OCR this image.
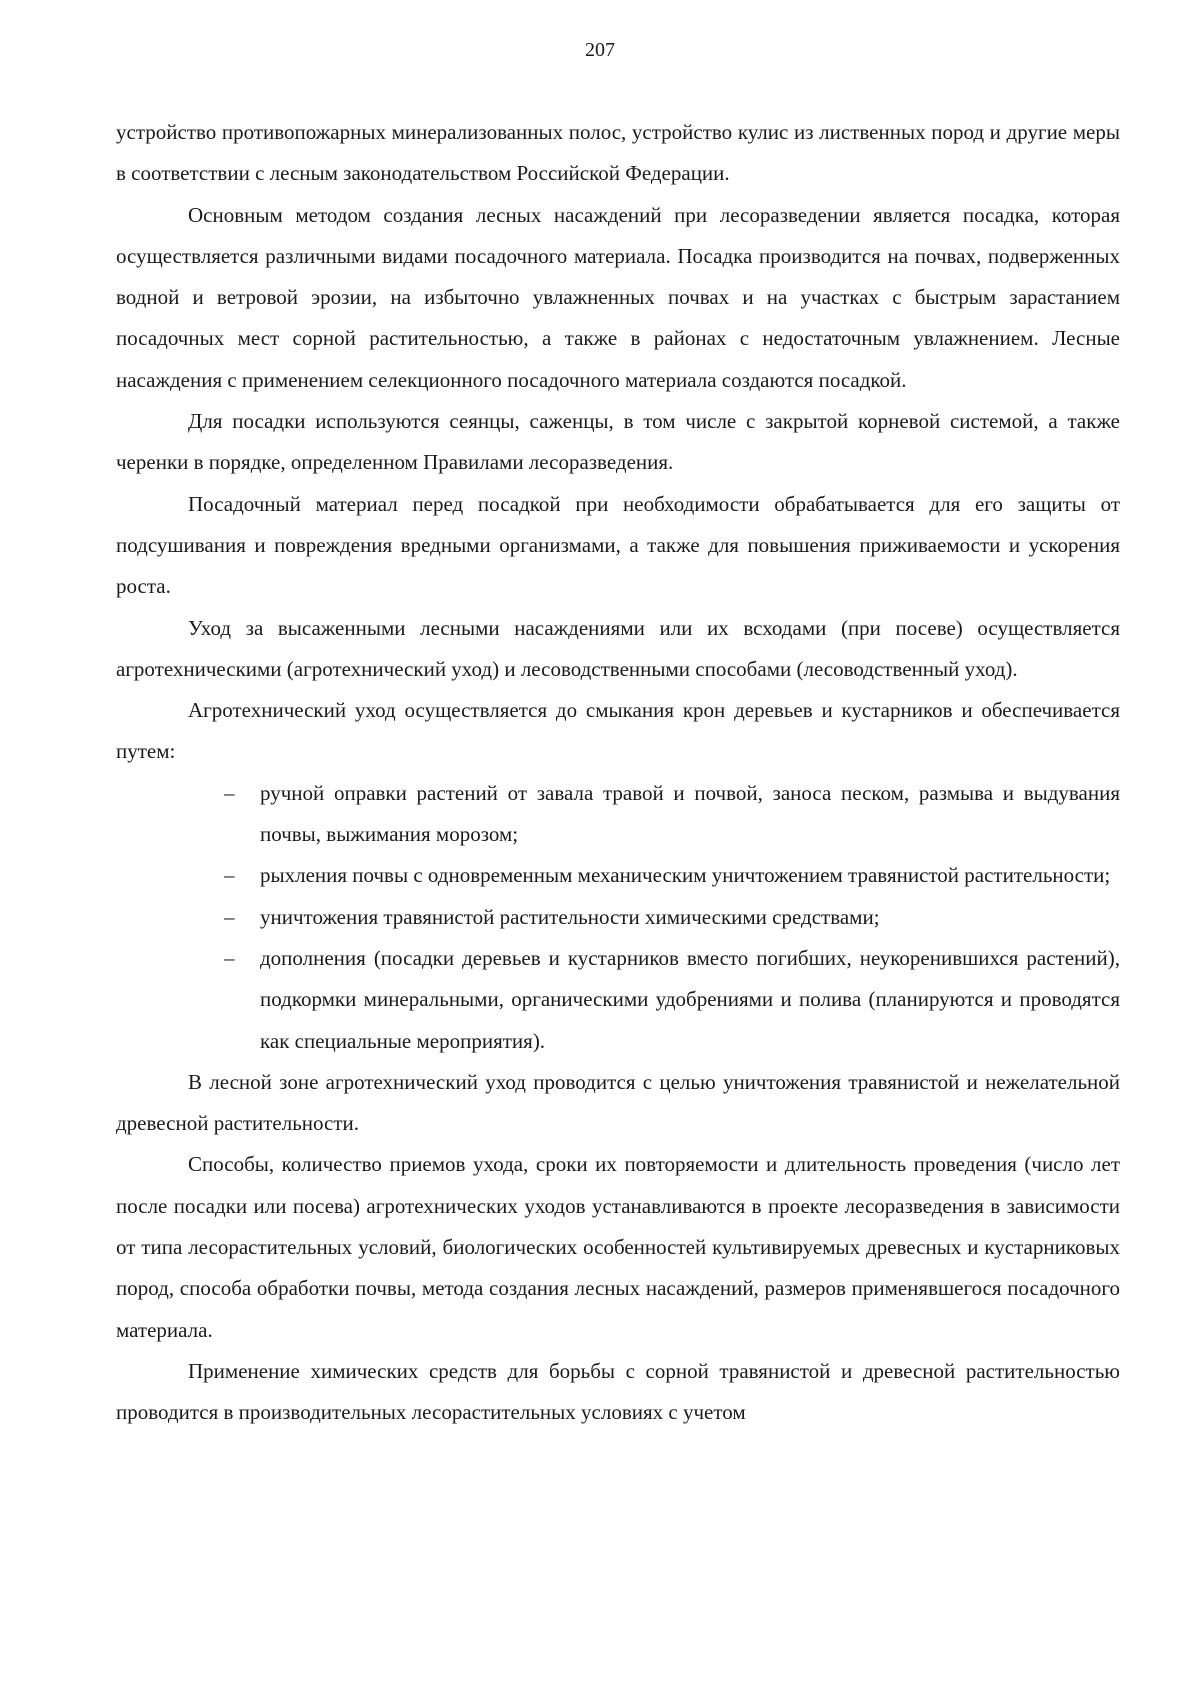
207

устройство противопожарных минерализованных полос, устройство кулис из лиственных пород и другие меры в соответствии с лесным законодательством Российской Федерации.

Основным методом создания лесных насаждений при лесоразведении является посадка, которая осуществляется различными видами посадочного материала. Посадка производится на почвах, подверженных водной и ветровой эрозии, на избыточно увлажненных почвах и на участках с быстрым зарастанием посадочных мест сорной растительностью, а также в районах с недостаточным увлажнением. Лесные насаждения с применением селекционного посадочного материала создаются посадкой.

Для посадки используются сеянцы, саженцы, в том числе с закрытой корневой системой, а также черенки в порядке, определенном Правилами лесоразведения.

Посадочный материал перед посадкой при необходимости обрабатывается для его защиты от подсушивания и повреждения вредными организмами, а также для повышения приживаемости и ускорения роста.

Уход за высаженными лесными насаждениями или их всходами (при посеве) осуществляется агротехническими (агротехнический уход) и лесоводственными способами (лесоводственный уход).

Агротехнический уход осуществляется до смыкания крон деревьев и кустарников и обеспечивается путем:

– ручной оправки растений от завала травой и почвой, заноса песком, размыва и выдувания почвы, выжимания морозом;
– рыхления почвы с одновременным механическим уничтожением травянистой растительности;
– уничтожения травянистой растительности химическими средствами;
– дополнения (посадки деревьев и кустарников вместо погибших, неукоренившихся растений), подкормки минеральными, органическими удобрениями и полива (планируются и проводятся как специальные мероприятия).

В лесной зоне агротехнический уход проводится с целью уничтожения травянистой и нежелательной древесной растительности.

Способы, количество приемов ухода, сроки их повторяемости и длительность проведения (число лет после посадки или посева) агротехнических уходов устанавливаются в проекте лесоразведения в зависимости от типа лесорастительных условий, биологических особенностей культивируемых древесных и кустарниковых пород, способа обработки почвы, метода создания лесных насаждений, размеров применявшегося посадочного материала.

Применение химических средств для борьбы с сорной травянистой и древесной растительностью проводится в производительных лесорастительных условиях с учетом
